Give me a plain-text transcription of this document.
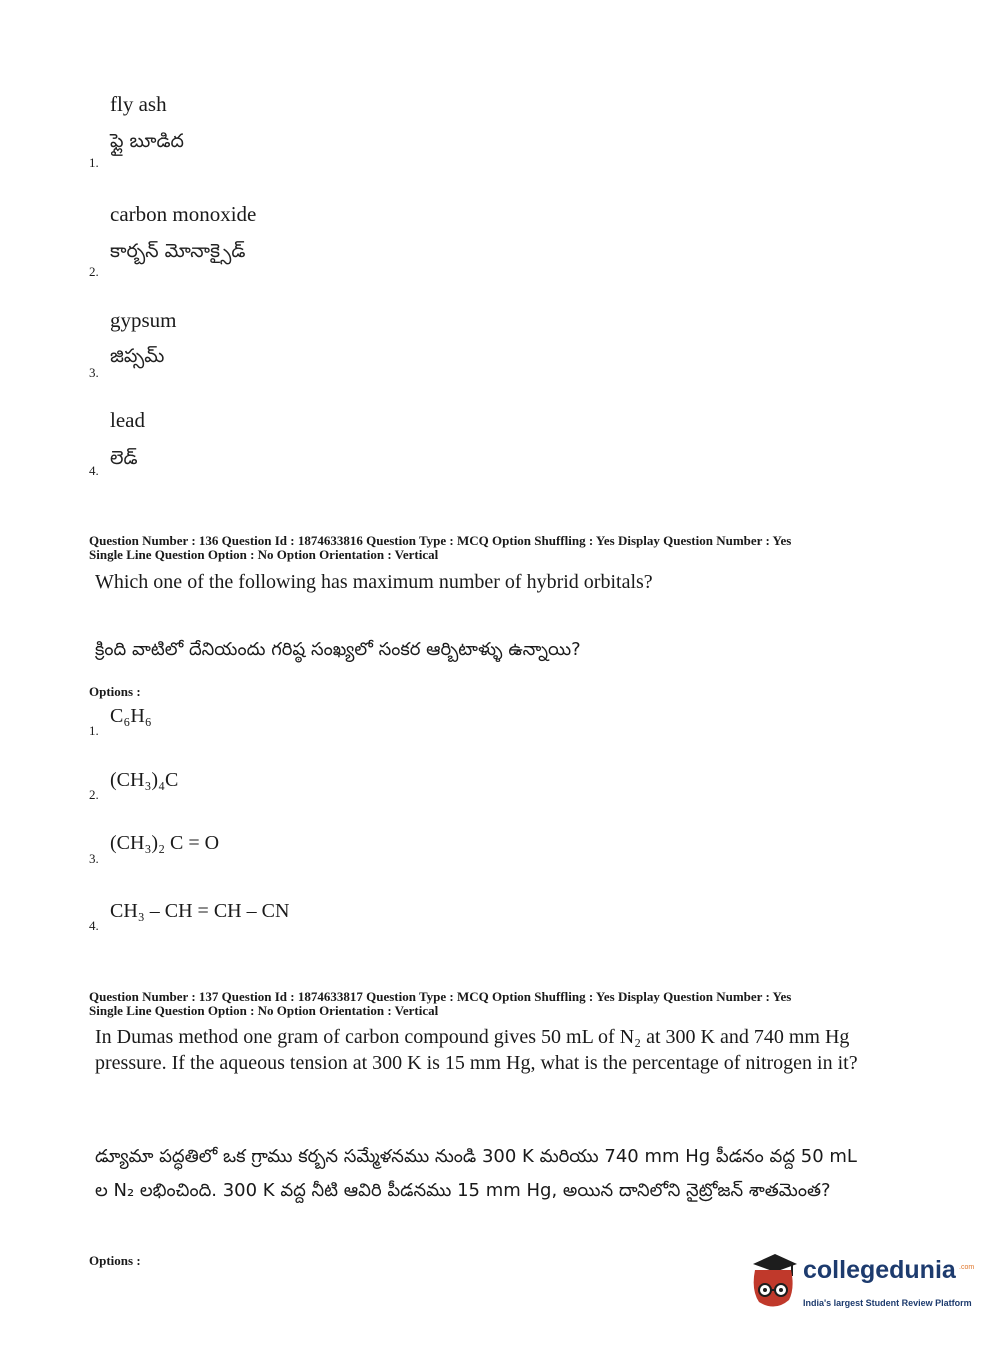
fly ash
ఫ్లై బూడిద
1.
carbon monoxide
కార్బన్ మోనాక్సైడ్
2.
gypsum
జిప్సమ్
3.
lead
లెడ్
4.
Question Number : 136 Question Id : 1874633816 Question Type : MCQ Option Shuffling : Yes Display Question Number : Yes
Single Line Question Option : No Option Orientation : Vertical
Which one of the following has maximum number of hybrid orbitals?
క్రింది వాటిలో దేనియందు గరిష్ఠ సంఖ్యలో సంకర ఆర్బిటాళ్ళు ఉన్నాయి?
Options :
1.
C₆H₆
2.
(CH₃)₄C
3.
(CH₃)₂ C = O
4.
CH₃ – CH = CH – CN
Question Number : 137 Question Id : 1874633817 Question Type : MCQ Option Shuffling : Yes Display Question Number : Yes
Single Line Question Option : No Option Orientation : Vertical
In Dumas method one gram of carbon compound gives 50 mL of N₂ at 300 K and 740 mm Hg pressure. If the aqueous tension at 300 K is 15 mm Hg, what is the percentage of nitrogen in it?
డ్యూమా పద్ధతిలో ఒక గ్రాము కర్బన సమ్మేళనము నుండి 300 K మరియు 740 mm Hg పీడనం వద్ద 50 mL ల N₂ లభించింది. 300 K వద్ద నీటి ఆవిరి పీడనము 15 mm Hg, అయిన దానిలోని నైట్రోజన్ శాతమెంత?
Options :	collegedunia .com
India's largest Student Review Platform
